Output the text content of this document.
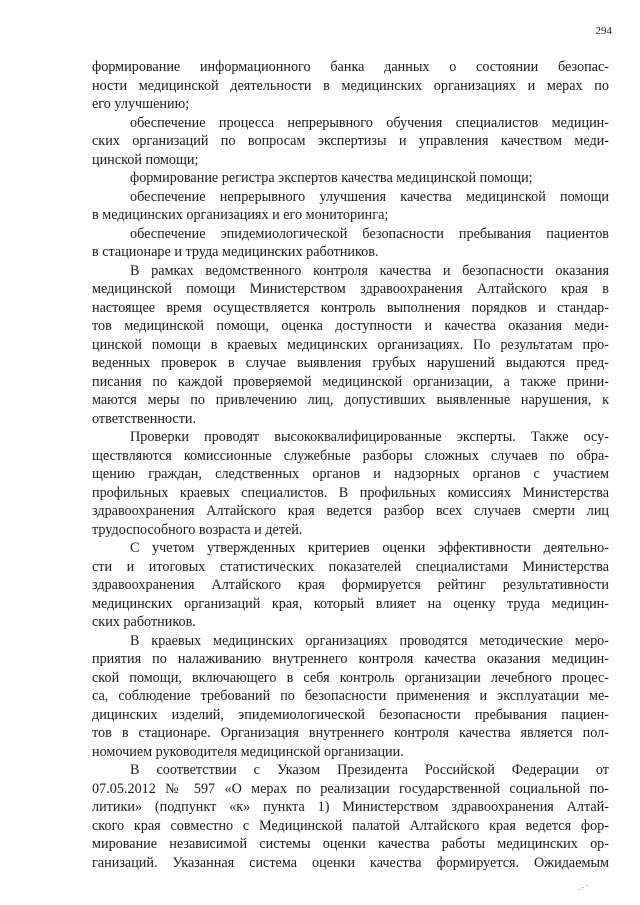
294
формирование информационного банка данных о состоянии безопас-
ности медицинской деятельности в медицинских организациях и мерах по
его улучшению;
обеспечение процесса непрерывного обучения специалистов медицин-
ских организаций по вопросам экспертизы и управления качеством меди-
цинской помощи;
формирование регистра экспертов качества медицинской помощи;
обеспечение непрерывного улучшения качества медицинской помощи
в медицинских организациях и его мониторинга;
обеспечение эпидемиологической безопасности пребывания пациентов
в стационаре и труда медицинских работников.
В рамках ведомственного контроля качества и безопасности оказания
медицинской помощи Министерством здравоохранения Алтайского края в
настоящее время осуществляется контроль выполнения порядков и стандар-
тов медицинской помощи, оценка доступности и качества оказания меди-
цинской помощи в краевых медицинских организациях. По результатам про-
веденных проверок в случае выявления грубых нарушений выдаются пред-
писания по каждой проверяемой медицинской организации, а также прини-
маются меры по привлечению лиц, допустивших выявленные нарушения, к
ответственности.
Проверки проводят высококвалифицированные эксперты. Также осу-
ществляются комиссионные служебные разборы сложных случаев по обра-
щению граждан, следственных органов и надзорных органов с участием
профильных краевых специалистов. В профильных комиссиях Министерства
здравоохранения Алтайского края ведется разбор всех случаев смерти лиц
трудоспособного возраста и детей.
С учетом утвержденных критериев оценки эффективности деятельно-
сти и итоговых статистических показателей специалистами Министерства
здравоохранения Алтайского края формируется рейтинг результативности
медицинских организаций края, который влияет на оценку труда медицин-
ских работников.
В краевых медицинских организациях проводятся методические меро-
приятия по налаживанию внутреннего контроля качества оказания медицин-
ской помощи, включающего в себя контроль организации лечебного процес-
са, соблюдение требований по безопасности применения и эксплуатации ме-
дицинских изделий, эпидемиологической безопасности пребывания пациен-
тов в стационаре. Организация внутреннего контроля качества является пол-
номочием руководителя медицинской организации.
В соответствии с Указом Президента Российской Федерации от
07.05.2012 № 597 «О мерах по реализации государственной социальной по-
литики» (подпункт «к» пункта 1) Министерством здравоохранения Алтай-
ского края совместно с Медицинской палатой Алтайского края ведется фор-
мирование независимой системы оценки качества работы медицинских ор-
ганизаций. Указанная система оценки качества формируется. Ожидаемым
